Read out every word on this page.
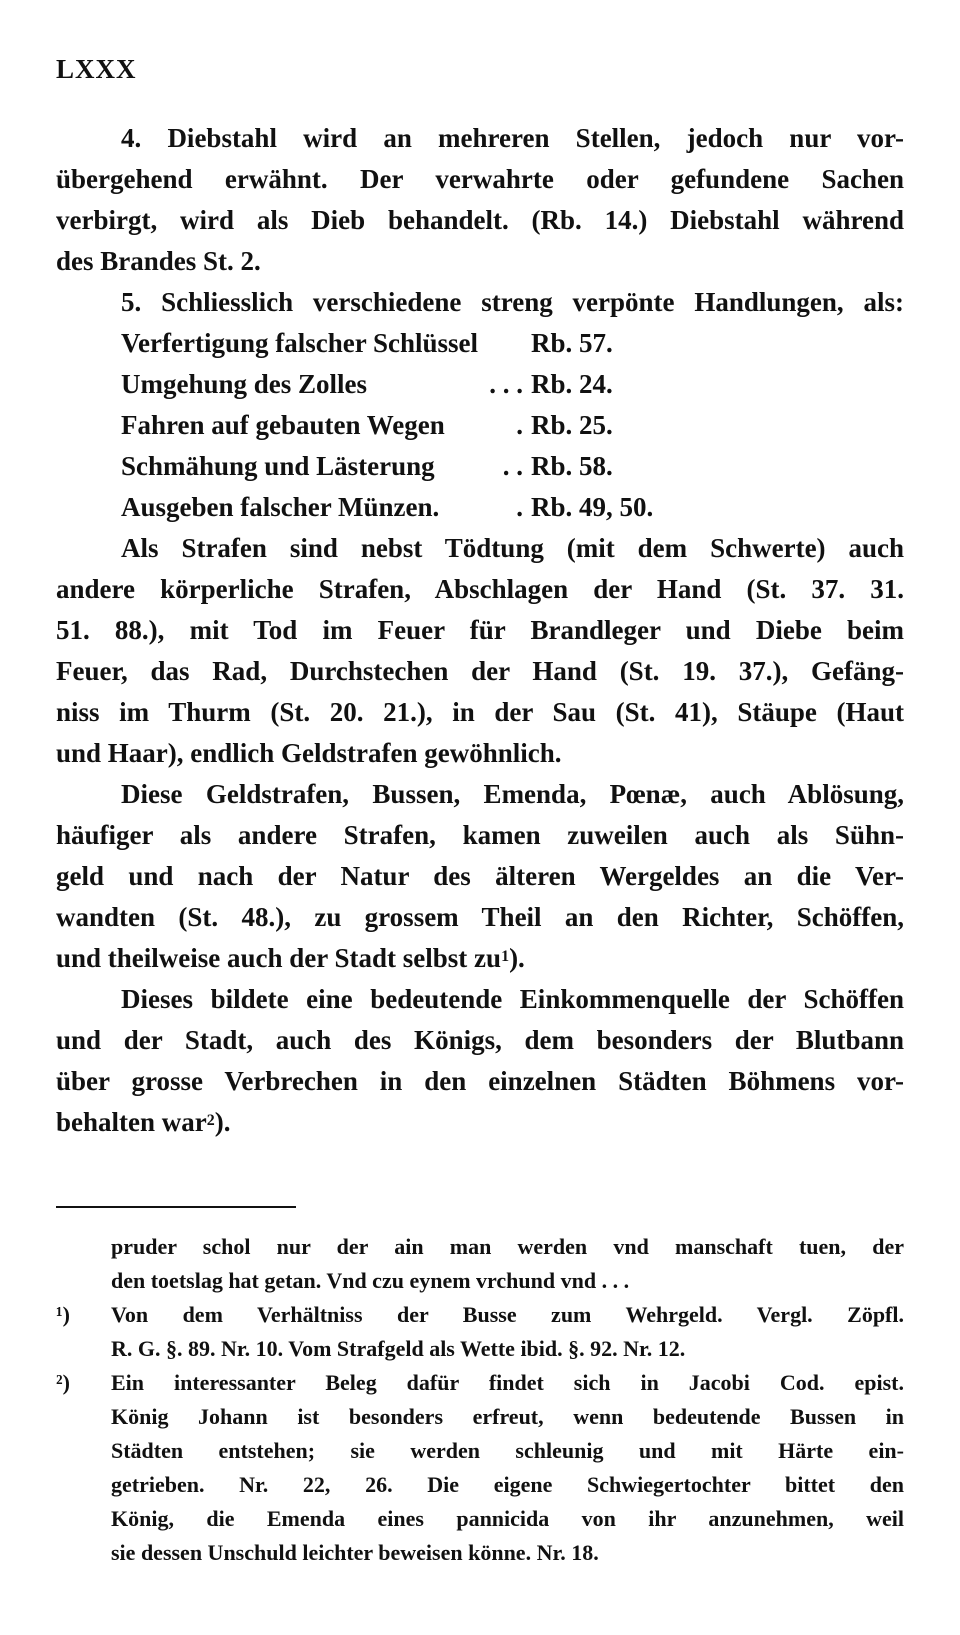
LXXX
4. Diebstahl wird an mehreren Stellen, jedoch nur vor-
übergehend erwähnt. Der verwahrte oder gefundene Sachen
verbirgt, wird als Dieb behandelt. (Rb. 14.) Diebstahl während
des Brandes St. 2.
5. Schliesslich verschiedene streng verpönte Handlungen, als:
Verfertigung falscher Schlüssel Rb. 57.
Umgehung des Zolles	. . . Rb. 24.
Fahren auf gebauten Wegen	. Rb. 25.
Schmähung und Lästerung	. . Rb. 58.
Ausgeben falscher Münzen.	. Rb. 49, 50.
Als Strafen sind nebst Tödtung (mit dem Schwerte) auch
andere körperliche Strafen, Abschlagen der Hand (St. 37. 31.
51. 88.), mit Tod im Feuer für Brandleger und Diebe beim
Feuer, das Rad, Durchstechen der Hand (St. 19. 37.), Gefäng-
niss im Thurm (St. 20. 21.), in der Sau (St. 41), Stäupe (Haut
und Haar), endlich Geldstrafen gewöhnlich.
Diese Geldstrafen, Bussen, Emenda, Pœnæ, auch Ablösung,
häufiger als andere Strafen, kamen zuweilen auch als Sühn-
geld und nach der Natur des älteren Wergeldes an die Ver-
wandten (St. 48.), zu grossem Theil an den Richter, Schöffen,
und theilweise auch der Stadt selbst $zu^1$).
Dieses bildete eine bedeutende Einkommenquelle der Schöffen
und der Stadt, auch des Königs, dem besonders der Blutbann
über grosse Verbrechen in den einzelnen Städten Böhmens vor-
behalten war$^2$).
pruder schol nur der ain man werden vnd manschaft tuen, der
den toetslag hat getan. Vnd czu eynem vrchund vnd . . .
¹)	Von dem Verhältniss der Busse zum Wehrgeld. Vergl. Zöpfl.
R. G. §. 89. Nr. 10. Vom Strafgeld als Wette ibid. §. 92. Nr. 12.
²)	Ein interessanter Beleg dafür findet sich in Jacobi Cod. epist.
König Johann ist besonders erfreut, wenn bedeutende Bussen in
Städten entstehen; sie werden schleunig und mit Härte ein-
getrieben. Nr. 22, 26. Die eigene Schwiegertochter bittet den
König, die Emenda eines pannicida von ihr anzunehmen, weil
sie dessen Unschuld leichter beweisen könne. Nr. 18.
